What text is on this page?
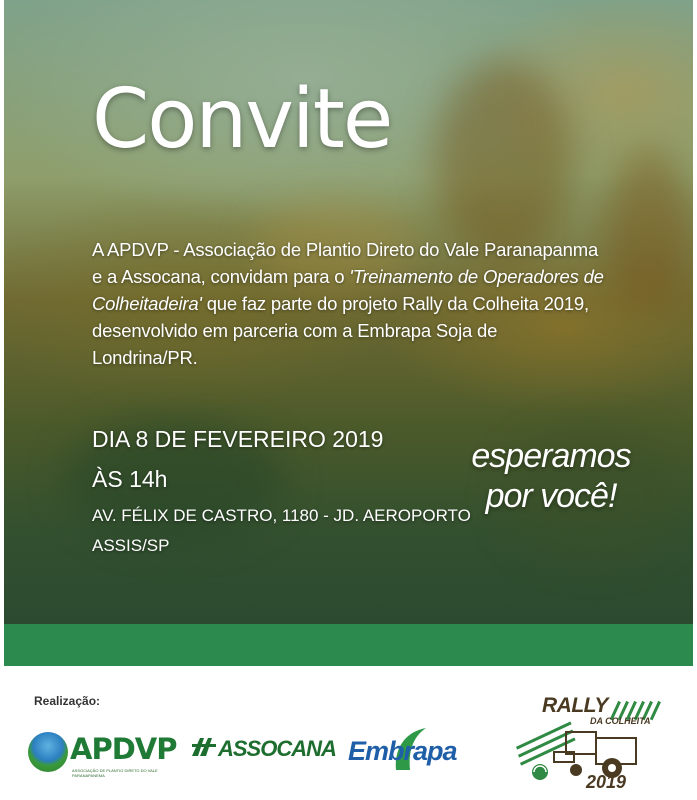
Convite
A APDVP - Associação de Plantio Direto do Vale Paranapanma
e a Assocana, convidam para o 'Treinamento de Operadores de
Colheitadeira' que faz parte do projeto Rally da Colheita 2019,
desenvolvido em parceria com a Embrapa Soja de
Londrina/PR.
DIA 8 DE FEVEREIRO 2019
ÀS 14h
AV. FÉLIX DE CASTRO, 1180 - JD. AEROPORTO
ASSIS/SP
esperamos
por você!
Realização:
APDVP
ASSOCIAÇÃO DE PLANTIO DIRETO DO VALE PARANAPANEMA
ASSOCANA Embrapa
RALLY
DA COLHEITA
2019
